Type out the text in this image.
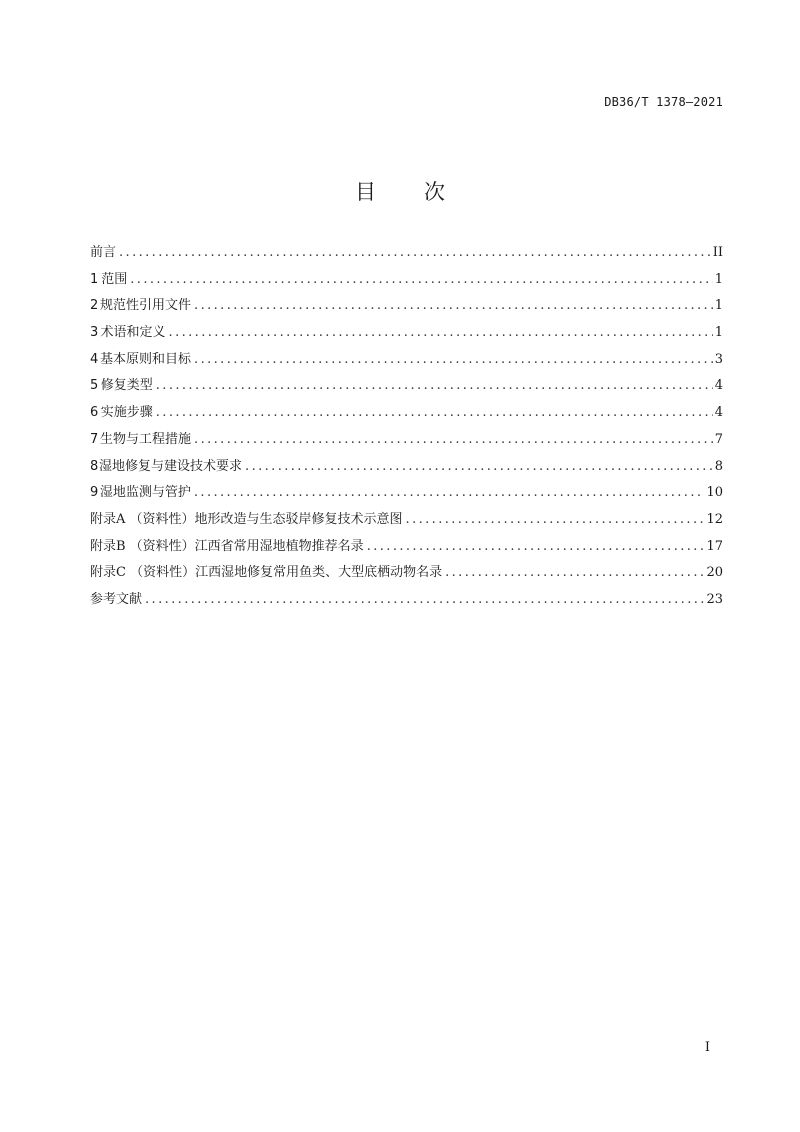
DB36/T 1378—2021
目 次
前言 .....	II
1 范围 .....	1
2 规范性引用文件 .....	1
3 术语和定义 .....	1
4 基本原则和目标 .....	3
5 修复类型 .....	4
6 实施步骤 .....	4
7 生物与工程措施 .....	7
8 湿地修复与建设技术要求 .....	8
9 湿地监测与管护 .....	10
附录A （资料性）地形改造与生态驳岸修复技术示意图 .....	12
附录B （资料性）江西省常用湿地植物推荐名录 .....	17
附录C （资料性）江西湿地修复常用鱼类、大型底栖动物名录 .....	20
参考文献 .....	23
I
